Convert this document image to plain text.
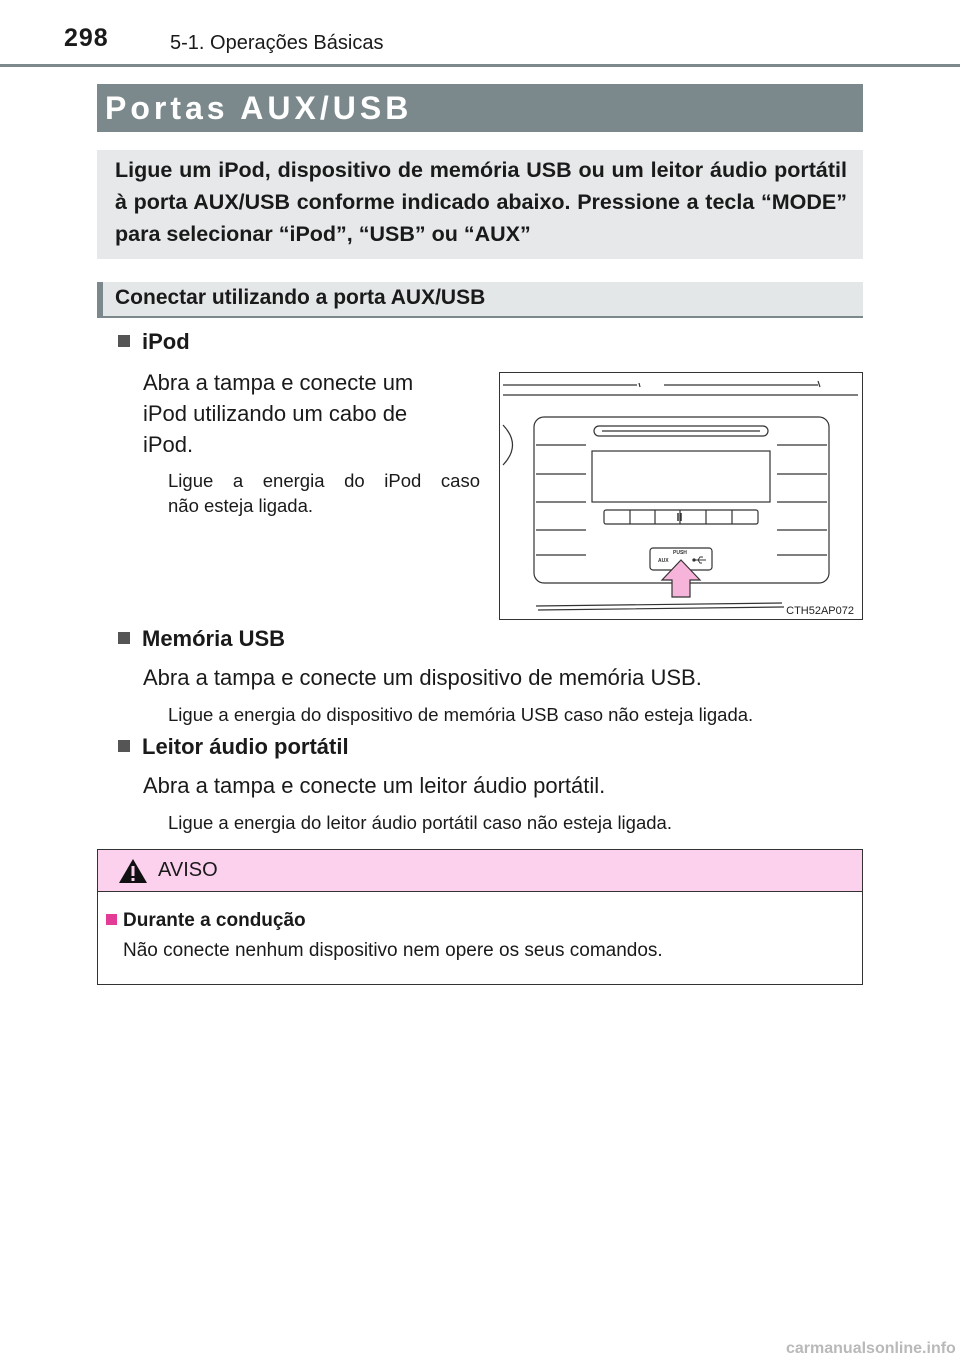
298	5-1. Operações Básicas
Portas AUX/USB
Ligue um iPod, dispositivo de memória USB ou um leitor áudio portátil à porta AUX/USB conforme indicado abaixo. Pressione a tecla “MODE” para selecionar “iPod”, “USB” ou “AUX”
Conectar utilizando a porta AUX/USB
iPod
Abra a tampa e conecte um
iPod utilizando um cabo de
iPod.
Ligue a energia do iPod caso
não esteja ligada.
PUSH
AUX
CTH52AP072
Memória USB
Abra a tampa e conecte um dispositivo de memória USB.
Ligue a energia do dispositivo de memória USB caso não esteja ligada.
Leitor áudio portátil
Abra a tampa e conecte um leitor áudio portátil.
Ligue a energia do leitor áudio portátil caso não esteja ligada.
AVISO
Durante a condução
Não conecte nenhum dispositivo nem opere os seus comandos.
carmanualsonline.info
